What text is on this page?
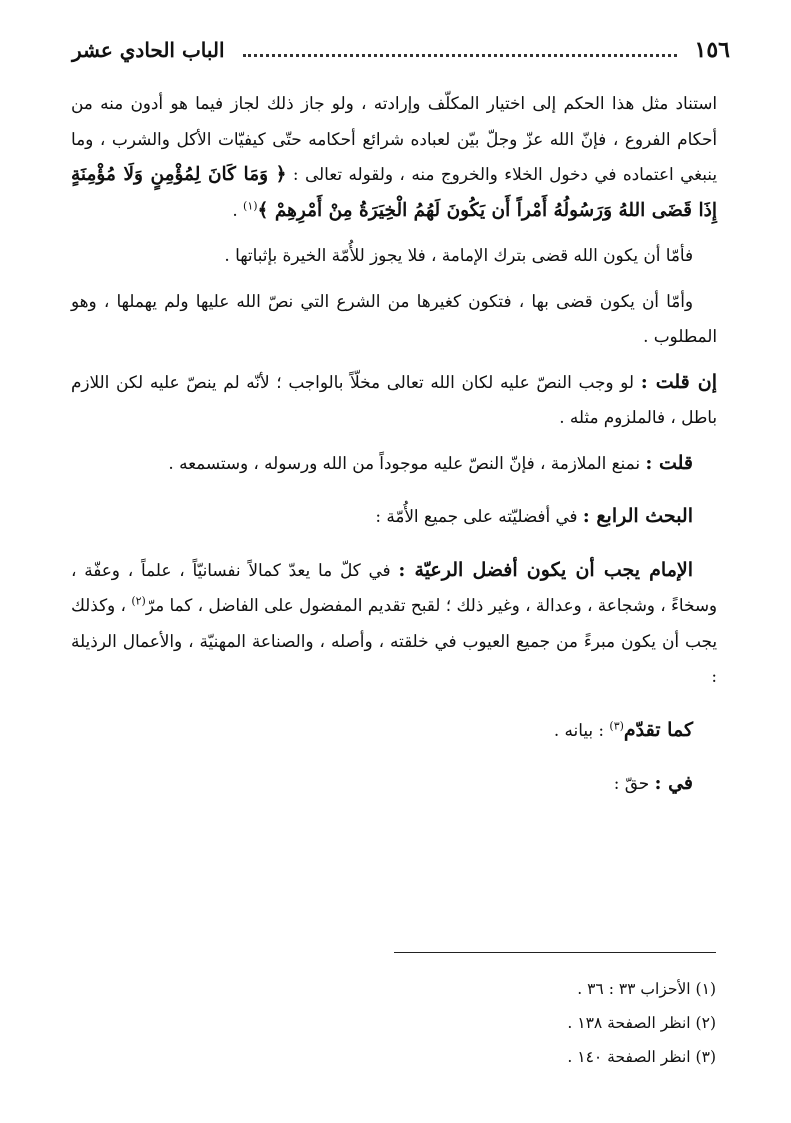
١٥٦
الباب الحادي عشر

استناد مثل هذا الحكم إلى اختيار المكلّف وإرادته ، ولو جاز ذلك لجاز فيما هو أدون منه من أحكام الفروع ، فإنّ الله عزّ وجلّ بيّن لعباده شرائع أحكامه حتّى كيفيّات الأكل والشرب ، وما ينبغي اعتماده في دخول الخلاء والخروج منه ، ولقوله تعالى : ﴿ وَمَا كَانَ لِمُؤْمِنٍ وَلَا مُؤْمِنَةٍ إِذَا قَضَى اللهُ وَرَسُولُهُ أَمْراً أَن يَكُونَ لَهُمُ الْخِيَرَةُ مِنْ أَمْرِهِمْ ﴾$^{(١)}$ .

فأمّا أن يكون الله قضى بترك الإمامة ، فلا يجوز للأُمّة الخيرة بإثباتها .

وأمّا أن يكون قضى بها ، فتكون كغيرها من الشرع التي نصّ الله عليها ولم يهملها ، وهو المطلوب .

إن قلت : لو وجب النصّ عليه لكان الله تعالى مخلّاً بالواجب ؛ لأنّه لم ينصّ عليه لكن اللازم باطل ، فالملزوم مثله .

قلت : نمنع الملازمة ، فإنّ النصّ عليه موجوداً من الله ورسوله ، وستسمعه .

البحث الرابع : في أفضليّته على جميع الأُمّة :

الإمام يجب أن يكون أفضل الرعيّة : في كلّ ما يعدّ كمالاً نفسانيّاً ، علماً ، وعفّة ، وسخاءً ، وشجاعة ، وعدالة ، وغير ذلك ؛ لقبح تقديم المفضول على الفاضل ، كما مرّ$^{(٢)}$ ، وكذلك يجب أن يكون مبرءً من جميع العيوب في خلقته ، وأصله ، والصناعة المهنيّة ، والأعمال الرذيلة :

كما تقدّم$^{(٣)}$ : بيانه .

في : حقّ :

(١) الأحزاب ٣٣ : ٣٦ .
(٢) انظر الصفحة ١٣٨ .
(٣) انظر الصفحة ١٤٠ .
